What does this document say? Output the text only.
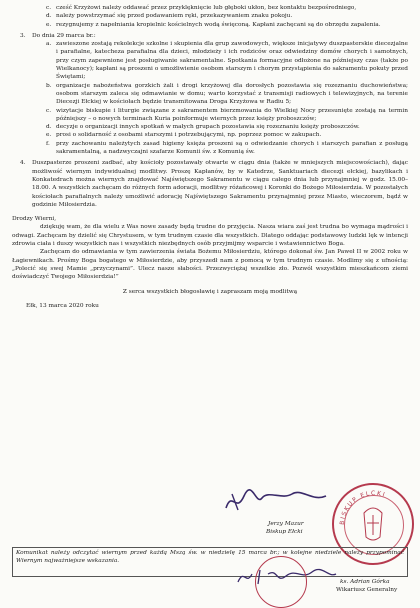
c. cześć Krzyżowi należy oddawać przez przyklęknięcie lub głęboki ukłon, bez kontaktu bezpośredniego,
d. należy powstrzymać się przed podawaniem ręki, przekazywaniem znaku pokoju.
e. rezygnujemy z napełniania kropielnic kościelnych wodą święconą. Kapłani zachęcani są do obrzędu zapalenia.
3. Do dnia 29 marca br.:
a. zawieszone zostają rekolekcje szkolne i skupienia dla grup zawodowych, większe inicjatywy duszpasterskie diecezjalne i parafialne, katecheza parafialna dla dzieci, młodzieży i ich rodziców oraz odwiedziny domów chorych i samotnych, przy czym zapewnione jest posługiwanie sakramentalne. Spotkania formacyjne odłożone na późniejszy czas (także po Wielkanocy); kapłani są proszeni o umożliwienie osobom starszym i chorym przystąpienia do sakramentu pokuty przed Świętami;
b. organizacje nabożeństwa gorzkich żali i drogi krzyżowej dla dorosłych pozostawia się rozeznaniu duchowieństwa; osobom starszym zaleca się odmawianie w domu; warto korzystać z transmisji radiowych i telewizyjnych, na terenie Diecezji Ełckiej w kościołach będzie transmitowana Droga Krzyżowa w Radiu 5;
c. wizytacje biskupie i liturgie związane z sakramentem bierzmowania do Wielkiej Nocy przesunięte zostają na termin późniejszy – o nowych terminach Kuria poinformuje wiernych przez księży proboszczów;
d. decyzje o organizacji innych spotkań w małych grupach pozostawia się rozeznaniu księży proboszczów.
e. prosi o solidarność z osobami starszymi i potrzebującymi, np. poprzez pomoc w zakupach.
f. przy zachowaniu należytych zasad higieny księża proszeni są o odwiedzanie chorych i starszych parafian z posługą sakramentalną, a nadzwyczajni szafarze Komunii św. z Komunią św.
4. Duszpasterze proszeni zadbać, aby kościoły pozostawały otwarte w ciągu dnia (także w mniejszych miejscowościach), dając możliwość wiernym indywidualnej modlitwy. Proszę Kapłanów, by w Katedrze, Sanktuariach diecezji ełckiej, bazylikach i Konkatedrach można wiernych znajdować Najświętszego Sakramentu w ciągu całego dnia lub przynajmniej w godz. 15.00–18.00. A wszystkich zachęcam do różnych form adoracji, modlitwy różańcowej i Koronki do Bożego Miłosierdzia. W pozostałych kościołach parafialnych należy umożliwić adorację Najświętszego Sakramentu przynajmniej przez Miasto, wieczorem, bądź w godzinie Miłosierdzia.
Drodzy Wierni,
dziękuję wam, że dla wielu z Was nowe zasady będą trudne do przyjęcia. Nasza wiara zaś jest trudna bo wymaga mądrości i odwagi. Zachęcam by dzielić się Chrystusem, w tym trudnym czasie dla wszystkich. Dlatego oddając podstawowy ludzki lęk w intencji zdrowia ciała i duszy wszystkich nas i wszystkich niezbędnych osób przyjmijmy wsparcie i wstawiennictwo Boga.
Zachęcam do odmawiania w tym zawierzenia świata Bożemu Miłosierdziu, którego dokonał św. Jan Paweł II w 2002 roku w Łagiewnikach. Prośmy Boga bogatego w Miłosierdzie, aby przyszedł nam z pomocą w tym trudnym czasie. Modlimy się z ufnością: „Polecić się swej Mamie „przyczynami”. Ulecz nasze słabości. Przezwyciężaj wszelkie zło. Pozwól wszystkim mieszkańcom ziemi doświadczyć Twojego Miłosierdzia!”
Z serca wszystkich błogosławię i zapraszam moją modlitwą
Ełk, 13 marca 2020 roku
Jerzy Mazur
Biskup Ełcki
BISKUP ELCKI
Komunikat należy odczytać wiernym przed każdą Mszą św. w niedzielę 15 marca br.; w kolejne niedziele należy przypominać Wiernym najważniejsze wskazania.
ks. Adrian Górka
Wikariusz Generalny
